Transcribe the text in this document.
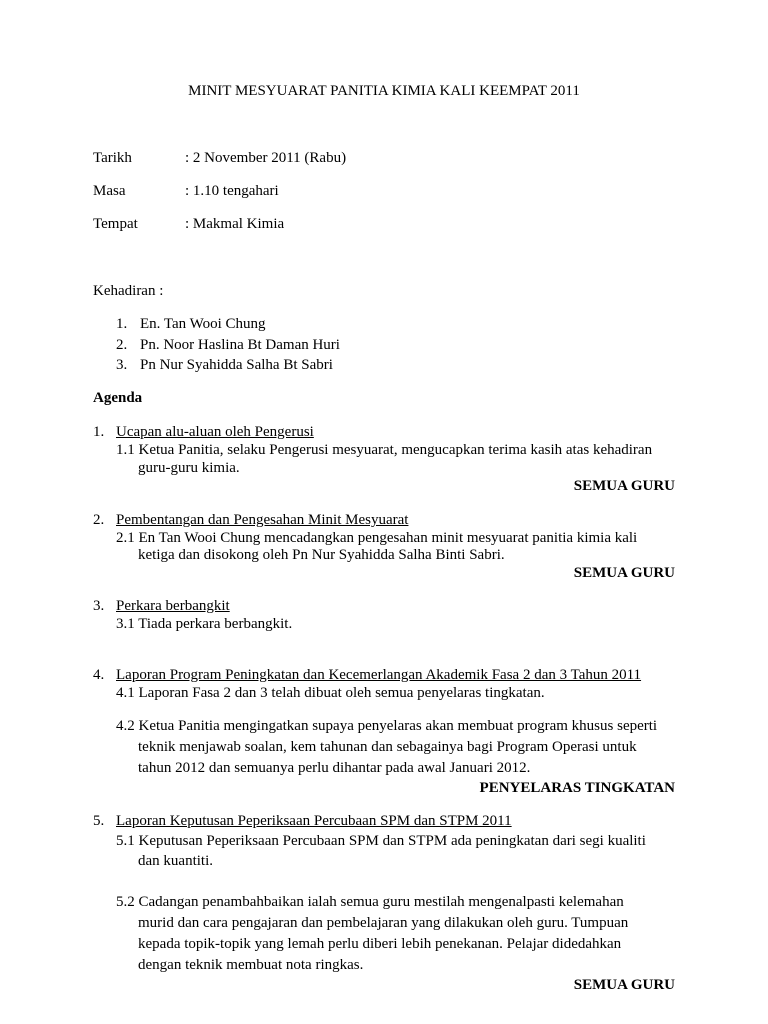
MINIT MESYUARAT PANITIA KIMIA KALI KEEMPAT 2011
Tarikh	: 2 November 2011 (Rabu)
Masa	: 1.10 tengahari
Tempat	: Makmal Kimia
Kehadiran :
1. En. Tan Wooi Chung
2. Pn. Noor Haslina Bt Daman Huri
3. Pn Nur Syahidda Salha Bt Sabri
Agenda
1. Ucapan alu-aluan oleh Pengerusi
1.1 Ketua Panitia, selaku Pengerusi mesyuarat, mengucapkan terima kasih atas kehadiran
guru-guru kimia.
SEMUA GURU
2. Pembentangan dan Pengesahan Minit Mesyuarat
2.1 En Tan Wooi Chung mencadangkan pengesahan minit mesyuarat panitia kimia kali
ketiga dan disokong oleh Pn Nur Syahidda Salha Binti Sabri.
SEMUA GURU
3. Perkara berbangkit
3.1 Tiada perkara berbangkit.
4. Laporan Program Peningkatan dan Kecemerlangan Akademik Fasa 2 dan 3 Tahun 2011
4.1 Laporan Fasa 2 dan 3 telah dibuat oleh semua penyelaras tingkatan.
4.2 Ketua Panitia mengingatkan supaya penyelaras akan membuat program khusus seperti
teknik menjawab soalan, kem tahunan dan sebagainya bagi Program Operasi untuk
tahun 2012 dan semuanya perlu dihantar pada awal Januari 2012.
PENYELARAS TINGKATAN
5. Laporan Keputusan Peperiksaan Percubaan SPM dan STPM 2011
5.1 Keputusan Peperiksaan Percubaan SPM dan STPM ada peningkatan dari segi kualiti
dan kuantiti.
5.2 Cadangan penambahbaikan ialah semua guru mestilah mengenalpasti kelemahan
murid dan cara pengajaran dan pembelajaran yang dilakukan oleh guru. Tumpuan
kepada topik-topik yang lemah perlu diberi lebih penekanan. Pelajar didedahkan
dengan teknik membuat nota ringkas.
SEMUA GURU
